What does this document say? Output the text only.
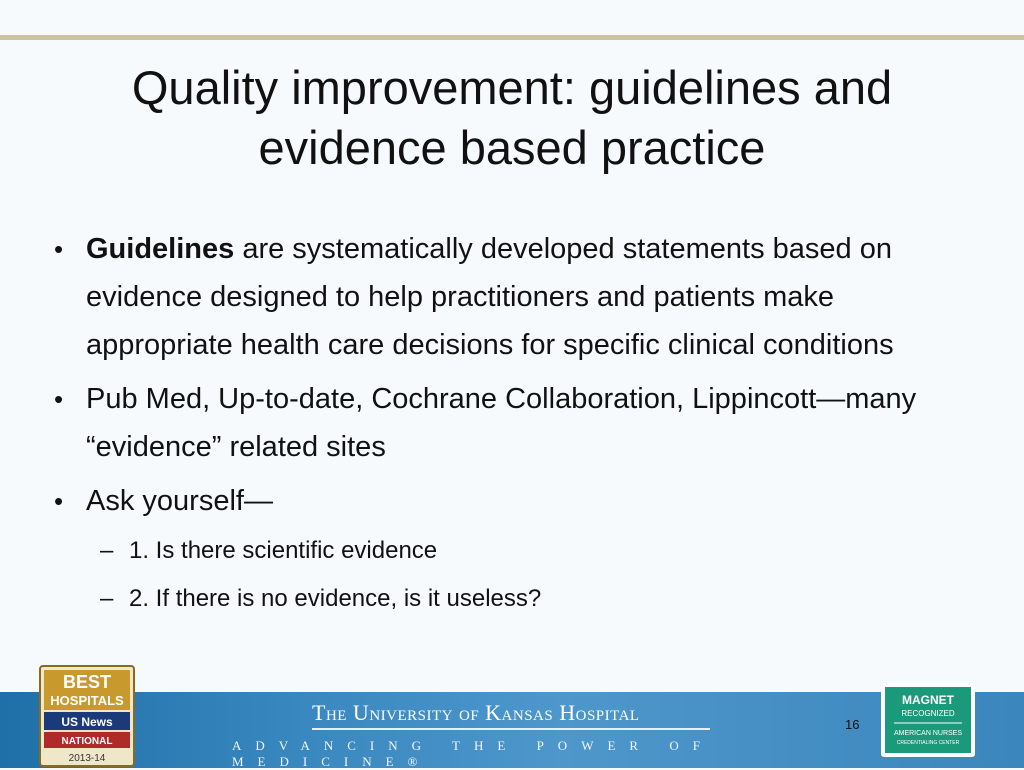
Quality improvement: guidelines and evidence based practice
• Guidelines are systematically developed statements based on evidence designed to help practitioners and patients make appropriate health care decisions for specific clinical conditions
• Pub Med, Up-to-date, Cochrane Collaboration, Lippincott—many “evidence” related sites
• Ask yourself—
– 1. Is there scientific evidence
– 2. If there is no evidence, is it useless?
The University of Kansas Hospital
ADVANCING THE POWER OF MEDICINE®
16
BEST
HOSPITALS
US News
NATIONAL
2013-14
MAGNET
RECOGNIZED
AMERICAN NURSES
CREDENTIALING CENTER
